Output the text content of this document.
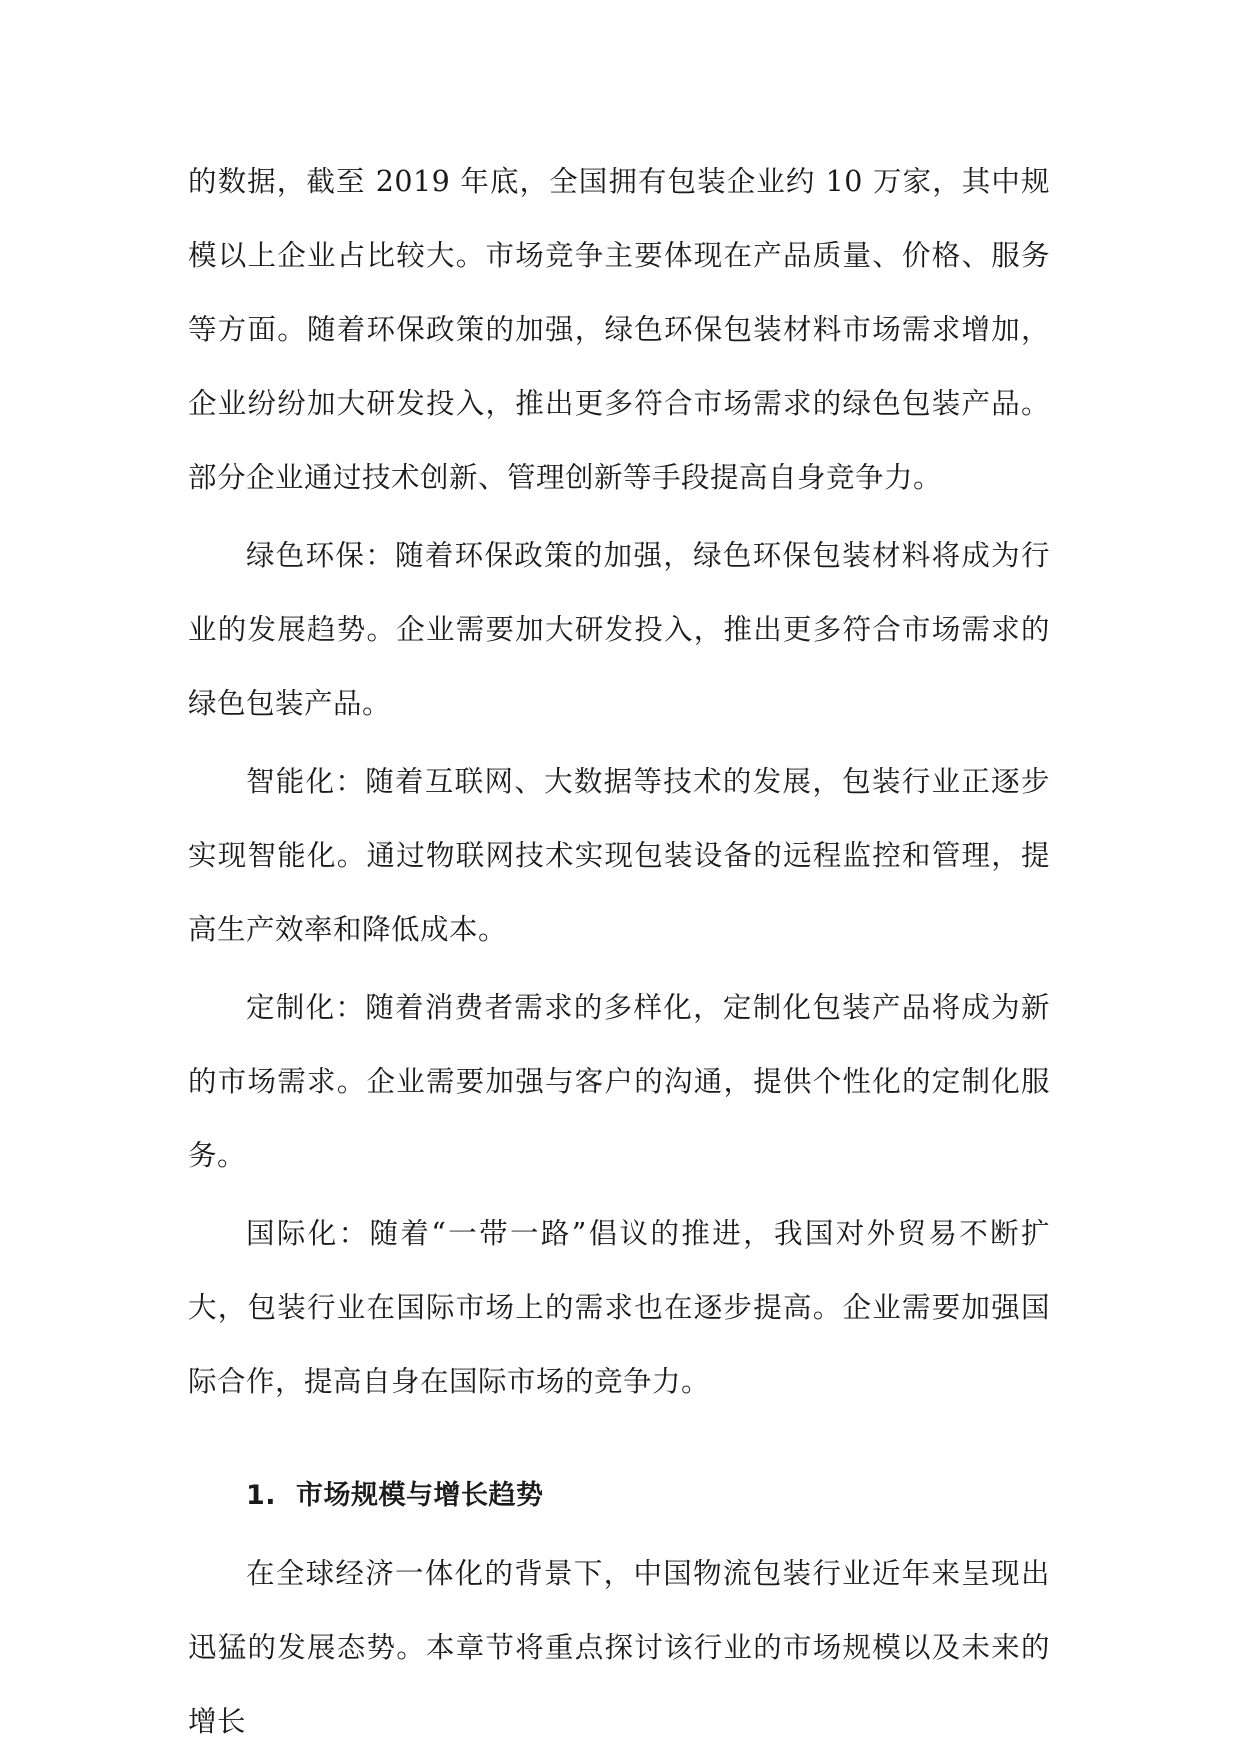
的数据，截至 2019 年底，全国拥有包装企业约 10 万家，其中规模以上企业占比较大。市场竞争主要体现在产品质量、价格、服务等方面。随着环保政策的加强，绿色环保包装材料市场需求增加，企业纷纷加大研发投入，推出更多符合市场需求的绿色包装产品。部分企业通过技术创新、管理创新等手段提高自身竞争力。

绿色环保：随着环保政策的加强，绿色环保包装材料将成为行业的发展趋势。企业需要加大研发投入，推出更多符合市场需求的绿色包装产品。

智能化：随着互联网、大数据等技术的发展，包装行业正逐步实现智能化。通过物联网技术实现包装设备的远程监控和管理，提高生产效率和降低成本。

定制化：随着消费者需求的多样化，定制化包装产品将成为新的市场需求。企业需要加强与客户的沟通，提供个性化的定制化服务。

国际化：随着“一带一路”倡议的推进，我国对外贸易不断扩大，包装行业在国际市场上的需求也在逐步提高。企业需要加强国际合作，提高自身在国际市场的竞争力。

1. 市场规模与增长趋势

在全球经济一体化的背景下，中国物流包装行业近年来呈现出迅猛的发展态势。本章节将重点探讨该行业的市场规模以及未来的增长
